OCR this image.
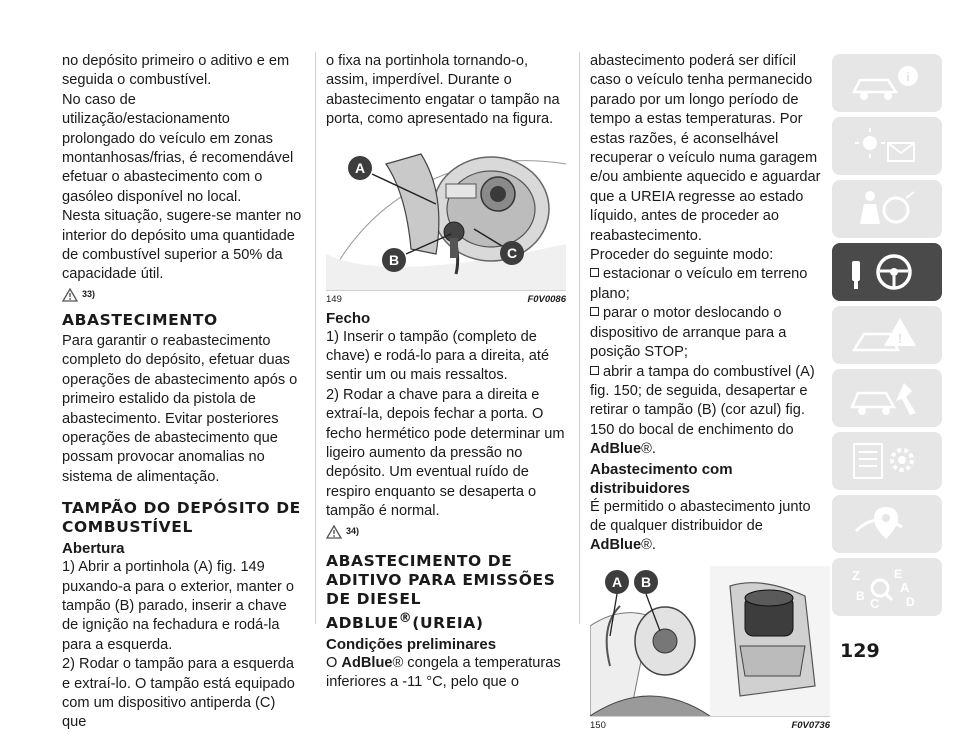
no depósito primeiro o aditivo e em seguida o combustível.

No caso de utilização/estacionamento prolongado do veículo em zonas montanhosas/frias, é recomendável efetuar o abastecimento com o gasóleo disponível no local.

Nesta situação, sugere-se manter no interior do depósito uma quantidade de combustível superior a 50% da capacidade útil.

33)
ABASTECIMENTO

Para garantir o reabastecimento completo do depósito, efetuar duas operações de abastecimento após o primeiro estalido da pistola de abastecimento. Evitar posteriores operações de abastecimento que possam provocar anomalias no sistema de alimentação.

TAMPÃO DO DEPÓSITO DE COMBUSTÍVEL
Abertura

1) Abrir a portinhola (A) fig. 149 puxando-a para o exterior, manter o tampão (B) parado, inserir a chave de ignição na fechadura e rodá-la para a esquerda.

2) Rodar o tampão para a esquerda e extraí-lo. O tampão está equipado com um dispositivo antiperda (C) que

o fixa na portinhola tornando-o, assim, imperdível. Durante o abastecimento engatar o tampão na porta, como apresentado na figura.

A
B	C
149	F0V0086
Fecho

1) Inserir o tampão (completo de chave) e rodá-lo para a direita, até sentir um ou mais ressaltos.

2) Rodar a chave para a direita e extraí-la, depois fechar a porta. O fecho hermético pode determinar um ligeiro aumento da pressão no depósito. Um eventual ruído de respiro enquanto se desaperta o tampão é normal.

34)
ABASTECIMENTO DE ADITIVO PARA EMISSÕES DE DIESEL ADBLUE®(UREIA)
Condições preliminares

O AdBlue® congela a temperaturas inferiores a -11 °C, pelo que o

abastecimento poderá ser difícil caso o veículo tenha permanecido parado por um longo período de tempo a estas temperaturas. Por estas razões, é aconselhável recuperar o veículo numa garagem e/ou ambiente aquecido e aguardar que a UREIA regresse ao estado líquido, antes de proceder ao reabastecimento.

Proceder do seguinte modo:

estacionar o veículo em terreno plano;

parar o motor deslocando o dispositivo de arranque para a posição STOP;

abrir a tampa do combustível (A) fig. 150; de seguida, desapertar e retirar o tampão (B) (cor azul) fig. 150 do bocal de enchimento do AdBlue®.

Abastecimento com distribuidores

É permitido o abastecimento junto de qualquer distribuidor de AdBlue®.

A B
150	F0V0736
i
!
Z	E
A
B C D
129
